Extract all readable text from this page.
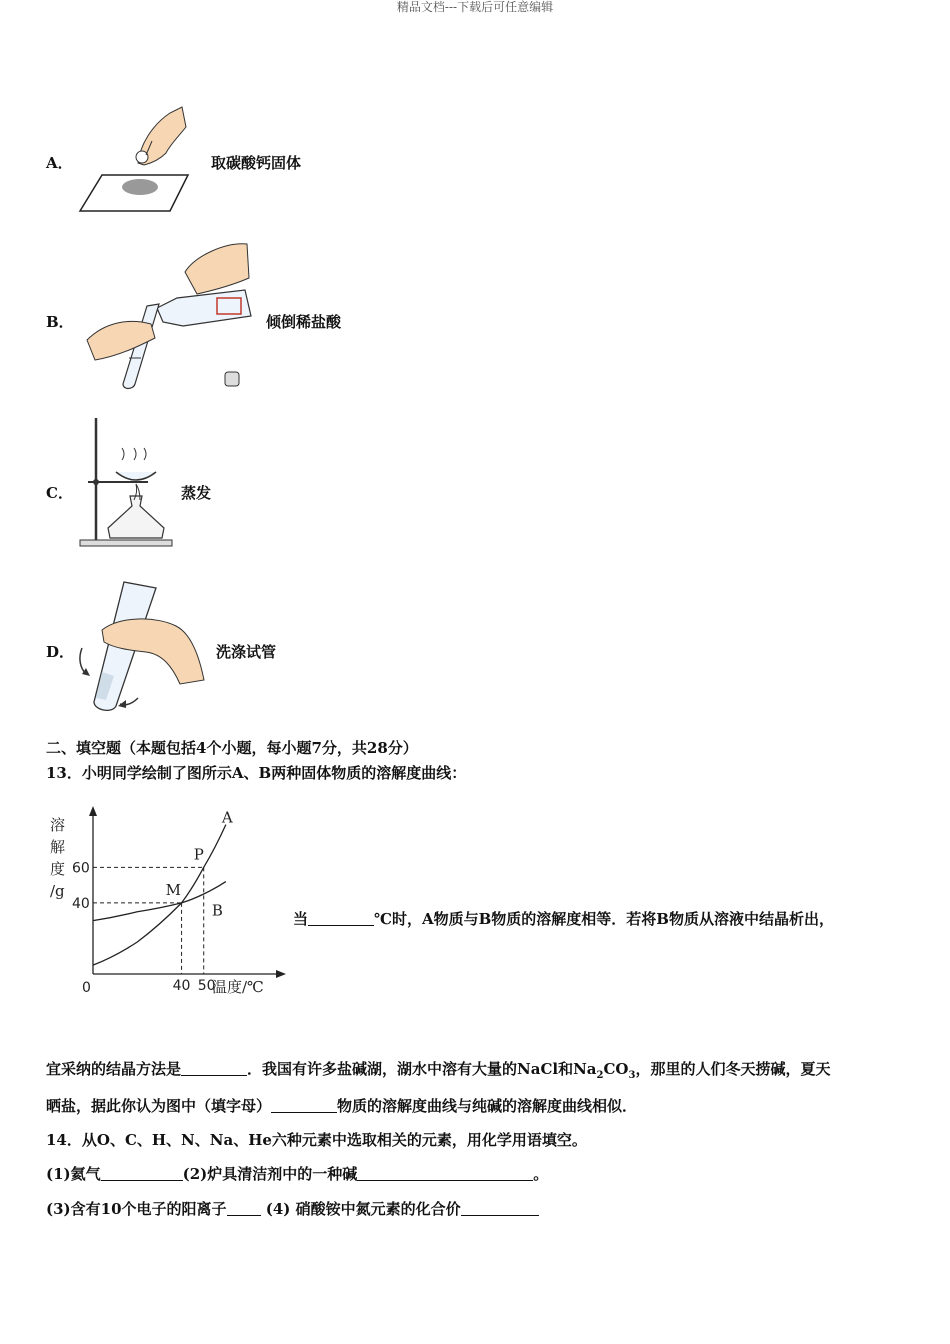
精品文档---下载后可任意编辑
A．	取碳酸钙固体
B．	倾倒稀盐酸
C．	蒸发
D．	洗涤试管
二、填空题（本题包括4个小题，每小题7分，共28分）
13．小明同学绘制了图所示A、B两种固体物质的溶解度曲线：
溶
解
度
/g
温度/℃
0
60
40
40 50
P
M
A
B	当	℃时，A物质与B物质的溶解度相等．若将B物质从溶液中结晶析出，
宜采纳的结晶方法是	．我国有许多盐碱湖，湖水中溶有大量的NaCl和$Na_2CO_3$，那里的人们冬天捞碱，夏天
晒盐，据此你认为图中（填字母）	物质的溶解度曲线与纯碱的溶解度曲线相似．
14．从O、C、H、N、Na、He六种元素中选取相关的元素，用化学用语填空。
(1)氦气	(2)炉具清洁剂中的一种碱	。
(3)含有10个电子的阳离子 (4) 硝酸铵中氮元素的化合价
